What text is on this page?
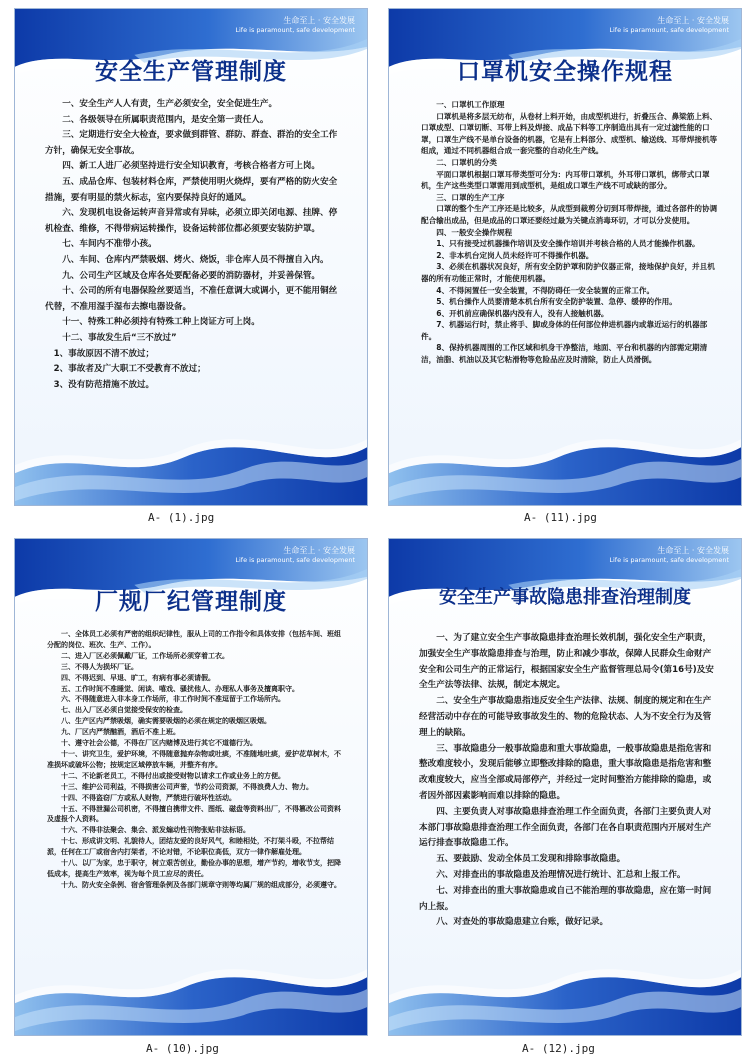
生命至上 · 安全发展
Life is paramount, safe development
安全生产管理制度

一、安全生产人人有责，生产必须安全，安全促进生产。

二、各级领导在所属职责范围内，是安全第一责任人。

三、定期进行安全大检查，要求做到群管、群防、群查、群治的安全工作方针，确保无安全事故。

四、新工人进厂必须坚持进行安全知识教育，考核合格者方可上岗。

五、成品仓库、包装材料仓库，严禁使用明火烧焊，要有严格的防火安全措施，要有明显的禁火标志，室内要保持良好的通风。

六、发现机电设备运转声音异常或有异味，必须立即关闭电源、挂牌、停机检查、维修，不得带病运转操作，设备运转部位都必须要安装防护罩。

七、车间内不准带小孩。

八、车间、仓库内严禁吸烟、烤火、烧饭，非仓库人员不得擅自入内。

九、公司生产区域及仓库各处要配备必要的消防器材，并妥善保管。

十、公司的所有电器保险丝要适当，不准任意调大或调小，更不能用铜丝代替，不准用湿手湿布去擦电器设备。

十一、特殊工种必须持有特殊工种上岗证方可上岗。

十二、事故发生后“三不放过”

1、事故原因不清不放过；

2、事故者及广大职工不受教育不放过；

3、没有防范措施不放过。

A- (1).jpg
生命至上 · 安全发展
Life is paramount, safe development
口罩机安全操作规程

一、口罩机工作原理

口罩机是将多层无纺布，从卷材上料开始，由成型机进行，折叠压合、鼻梁筋上料、口罩成型、口罩切断、耳带上料及焊接、成品下料等工序制造出具有一定过滤性能的口罩，口罩生产线不是单台设备的机器，它是有上料部分、成型机、输送线、耳带焊接机等组成，通过不同机器组合成一套完整的自动化生产线。

二、口罩机的分类

平面口罩机根据口罩耳带类型可分为：内耳带口罩机，外耳带口罩机，绑带式口罩机，生产这些类型口罩需用到成型机，是组成口罩生产线不可或缺的部分。

三、口罩的生产工序

口罩的整个生产工序还是比较多，从成型到裁剪分切到耳带焊接，通过各部件的协调配合输出成品，但是成品的口罩还要经过最为关键点消毒环切，才可以分发使用。

四、一般安全操作规程

1、只有接受过机器操作培训及安全操作培训并考核合格的人员才能操作机器。

2、非本机台定岗人员未经许可不得操作机器。

3、必须在机器状况良好，所有安全防护罩和防护仪器正常，接地保护良好，并且机器的所有功能正常时，才能使用机器。

4、不得闲置任一安全装置，不得防碍任一安全装置的正常工作。

5、机台操作人员要清楚本机台所有安全防护装置、急停、缓停的作用。

6、开机前应确保机器内没有人，没有人接触机器。

7、机器运行时，禁止将手、脚或身体的任何部位伸进机器内或靠近运行的机器部件。

8、保持机器周围的工作区域和机身干净整洁，地面、平台和机器的内部需定期清洁，油脂、机油以及其它粘滑物等危险品应及时清除，防止人员滑倒。

A- (11).jpg
生命至上 · 安全发展
Life is paramount, safe development
厂规厂纪管理制度

一、全体员工必须有严密的组织纪律性，服从上司的工作指令和具体安排（包括车间、班组分配的岗位、班次、生产、工作）。

二、进入厂区必须佩戴厂证，工作场所必须穿着工衣。

三、不得人为损坏厂证。

四、不得迟到、早退、旷工，有病有事必须请假。

五、工作时间不准睡觉、闲谈、嘻戏、骚扰他人、办理私人事务及擅离职守。

六、不得随意进入非本身工作场所，非工作时间不准逗留于工作场所内。

七、出入厂区必须自觉接受保安的检查。

八、生产区内严禁吸烟，确实需要吸烟的必须在规定的吸烟区吸烟。

九、厂区内严禁酗酒，酒后不准上班。

十、遵守社会公德，不得在厂区内赌博及进行其它不道德行为。

十一、讲究卫生，爱护环境，不得随意抛弃杂物或吐痰，不准随地吐痰，爱护花草树木，不准损坏或破坏公物；按规定区域停放车辆，并整齐有序。

十二、不论新老员工，不得付出或接受财物以请求工作或业务上的方便。

十三、维护公司利益，不得损害公司声誉，节约公司资源，不得浪费人力、物力。

十四、不得盗窃厂方或私人财物，严禁进行破坏性活动。

十五、不得泄漏公司机密，不得擅自携带文件、图纸、磁盘等资料出厂，不得篡改公司资料及虚报个人资料。

十六、不得非法聚会、集会、派发煽动性刊物张贴非法标语。

十七、形成讲文明、礼貌待人，团结友爱的良好风气，和睦相处，不打架斗殴，不拉帮结派，任何在工厂或宿舍内打架者，不论对错，不论职位高低，双方一律作解雇处理。

十八、以厂为家，忠于职守，树立艰苦创业，勤俭办事的思想，增产节约，增收节支，把降低成本，提高生产效率，视为每个员工应尽的责任。

十九、防火安全条例、宿舍管理条例及各部门规章守则等均属厂规的组成部分，必须遵守。

A- (10).jpg
生命至上 · 安全发展
Life is paramount, safe development
安全生产事故隐患排查治理制度

一、为了建立安全生产事故隐患排查治理长效机制，强化安全生产职责，加强安全生产事故隐患排查与治理，防止和减少事故，保障人民群众生命财产安全和公司生产的正常运行，根据国家安全生产监督管理总局令(第16号)及安全生产法等法律、法规，制定本规定。

二、安全生产事故隐患指违反安全生产法律、法规、制度的规定和在生产经营活动中存在的可能导致事故发生的、物的危险状态、人为不安全行为及管理上的缺陷。

三、事故隐患分一般事故隐患和重大事故隐患，一般事故隐患是指危害和整改难度较小，发现后能够立即整改排除的隐患，重大事故隐患是指危害和整改难度较大，应当全部或局部停产，并经过一定时间整治方能排除的隐患，或者因外部因素影响而难以排除的隐患。

四、主要负责人对事故隐患排查治理工作全面负责，各部门主要负责人对本部门事故隐患排查治理工作全面负责，各部门在各自职责范围内开展对生产运行排查事故隐患工作。

五、要鼓励、发动全体员工发现和排除事故隐患。

六、对排查出的事故隐患及治理情况进行统计、汇总和上报工作。

七、对排查出的重大事故隐患或自己不能治理的事故隐患，应在第一时间内上报。

八、对查处的事故隐患建立台账，做好记录。

A- (12).jpg
